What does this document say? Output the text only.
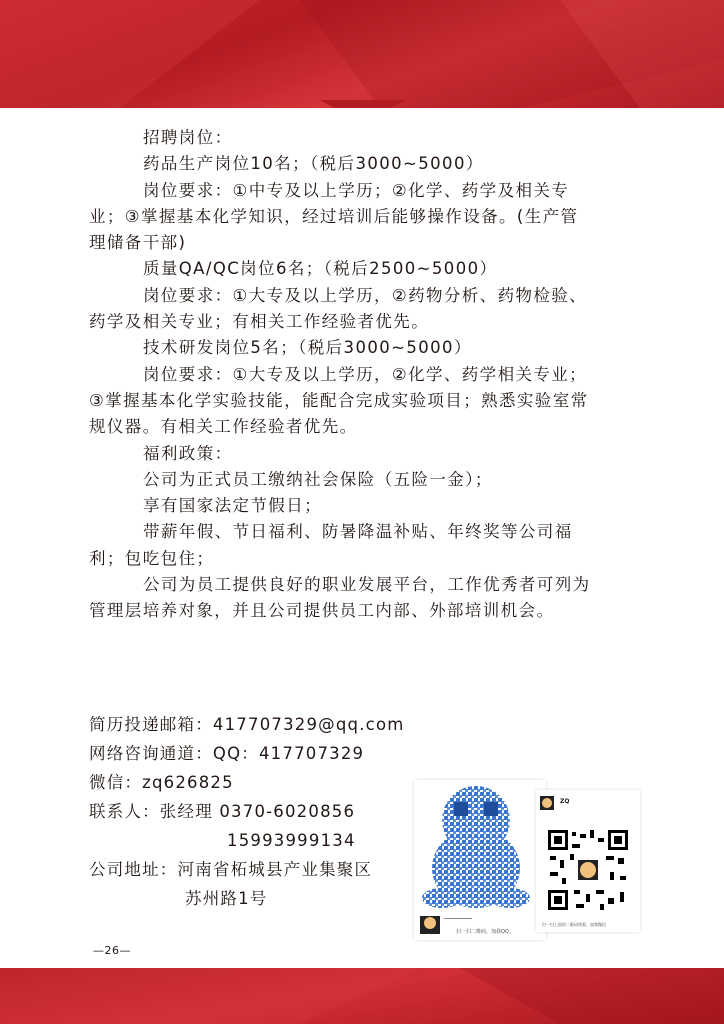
招聘岗位：

药品生产岗位10名；（税后3000~5000）

岗位要求：①中专及以上学历；②化学、药学及相关专

业；③掌握基本化学知识，经过培训后能够操作设备。(生产管

理储备干部)

质量QA/QC岗位6名；（税后2500~5000）

岗位要求：①大专及以上学历，②药物分析、药物检验、

药学及相关专业；有相关工作经验者优先。

技术研发岗位5名；（税后3000~5000）

岗位要求：①大专及以上学历，②化学、药学相关专业；

③掌握基本化学实验技能，能配合完成实验项目；熟悉实验室常

规仪器。有相关工作经验者优先。

福利政策：

公司为正式员工缴纳社会保险（五险一金）；

享有国家法定节假日；

带薪年假、节日福利、防暑降温补贴、年终奖等公司福

利；包吃包住；

公司为员工提供良好的职业发展平台，工作优秀者可列为

管理层培养对象，并且公司提供员工内部、外部培训机会。

简历投递邮箱：417707329@qq.com

网络咨询通道：QQ：417707329

微信：zq626825

联系人：张经理 0370-6020856

15993999134

公司地址：河南省柘城县产业集聚区

苏州路1号

扫一扫二维码，加我QQ。
ZQ
扫一扫上面的二维码图案，加我微信
—26—
